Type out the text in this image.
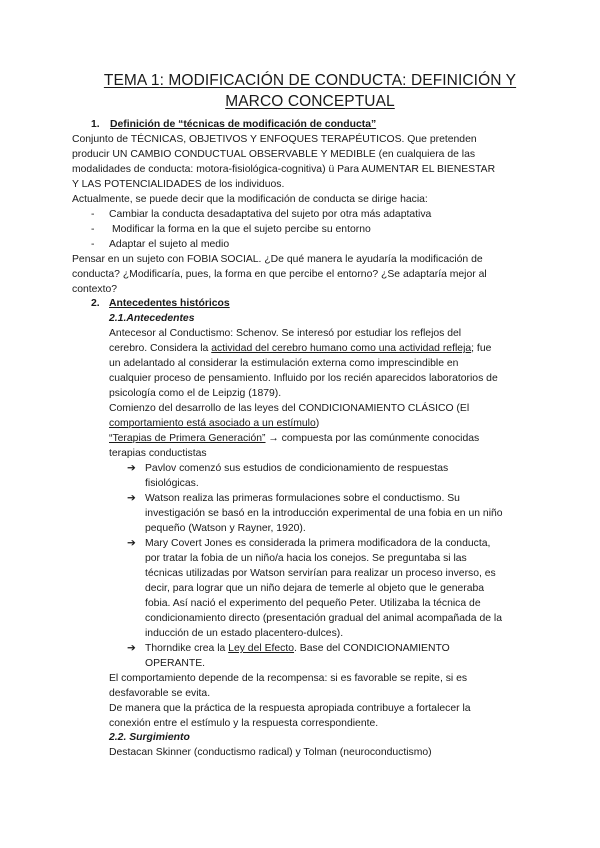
TEMA 1: MODIFICACIÓN DE CONDUCTA: DEFINICIÓN Y
MARCO CONCEPTUAL
1. Definición de “técnicas de modificación de conducta”
Conjunto de TÉCNICAS, OBJETIVOS Y ENFOQUES TERAPÉUTICOS. Que pretenden
producir UN CAMBIO CONDUCTUAL OBSERVABLE Y MEDIBLE (en cualquiera de las
modalidades de conducta: motora-fisiológica-cognitiva) ü Para AUMENTAR EL BIENESTAR
Y LAS POTENCIALIDADES de los individuos.
Actualmente, se puede decir que la modificación de conducta se dirige hacia:
- Cambiar la conducta desadaptativa del sujeto por otra más adaptativa
- Modificar la forma en la que el sujeto percibe su entorno
- Adaptar el sujeto al medio
Pensar en un sujeto con FOBIA SOCIAL. ¿De qué manera le ayudaría la modificación de
conducta? ¿Modificaría, pues, la forma en que percibe el entorno? ¿Se adaptaría mejor al
contexto?
2. Antecedentes históricos
2.1.Antecedentes
Antecesor al Conductismo: Schenov. Se interesó por estudiar los reflejos del
cerebro. Considera la actividad del cerebro humano como una actividad refleja; fue
un adelantado al considerar la estimulación externa como imprescindible en
cualquier proceso de pensamiento. Influido por los recién aparecidos laboratorios de
psicología como el de Leipzig (1879).
Comienzo del desarrollo de las leyes del CONDICIONAMIENTO CLÁSICO (El
comportamiento está asociado a un estímulo)
“Terapias de Primera Generación” → compuesta por las comúnmente conocidas
terapias conductistas
➔ Pavlov comenzó sus estudios de condicionamiento de respuestas
fisiológicas.
➔ Watson realiza las primeras formulaciones sobre el conductismo. Su
investigación se basó en la introducción experimental de una fobia en un niño
pequeño (Watson y Rayner, 1920).
➔ Mary Covert Jones es considerada la primera modificadora de la conducta,
por tratar la fobia de un niño/a hacia los conejos. Se preguntaba si las
técnicas utilizadas por Watson servirían para realizar un proceso inverso, es
decir, para lograr que un niño dejara de temerle al objeto que le generaba
fobia. Así nació el experimento del pequeño Peter. Utilizaba la técnica de
condicionamiento directo (presentación gradual del animal acompañada de la
inducción de un estado placentero-dulces).
➔ Thorndike crea la Ley del Efecto. Base del CONDICIONAMIENTO
OPERANTE.
El comportamiento depende de la recompensa: si es favorable se repite, si es
desfavorable se evita.
De manera que la práctica de la respuesta apropiada contribuye a fortalecer la
conexión entre el estímulo y la respuesta correspondiente.
2.2. Surgimiento
Destacan Skinner (conductismo radical) y Tolman (neuroconductismo)
